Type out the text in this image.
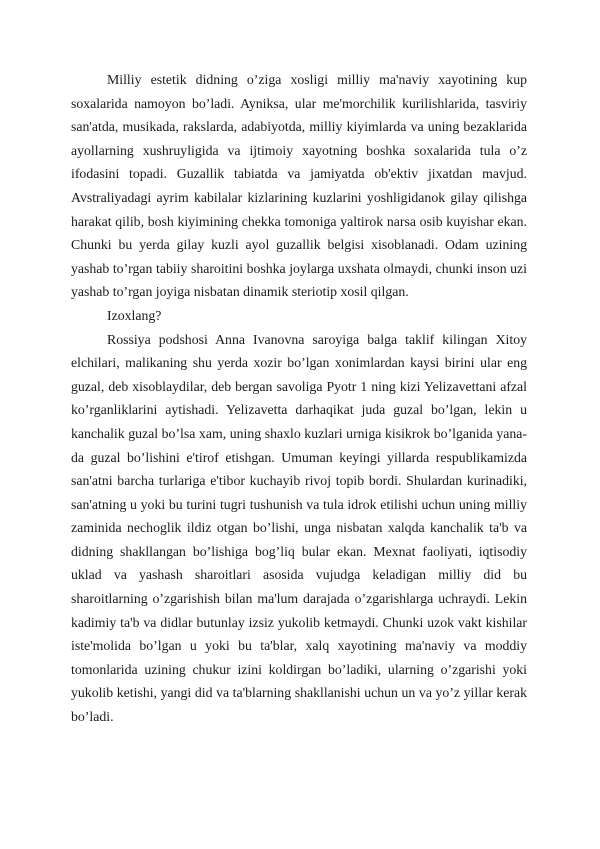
Milliy estetik didning o’ziga xosligi milliy ma'naviy xayotining kup soxalarida namoyon bo’ladi. Ayniksa, ular me'morchilik kurilishlarida, tasviriy san'atda, musikada, rakslarda, adabiyotda, milliy kiyimlarda va uning bezaklarida ayollarning xushruyligida va ijtimoiy xayotning boshka soxalarida tula o’z ifodasini topadi. Guzallik tabiatda va jamiyatda ob'ektiv jixatdan mavjud. Avstraliyadagi ayrim kabilalar kizlarining kuzlarini yoshligidanok gilay qilishga harakat qilib, bosh kiyimining chekka tomoniga yaltirok narsa osib kuyishar ekan. Chunki bu yerda gilay kuzli ayol guzallik belgisi xisoblanadi. Odam uzining yashab to’rgan tabiiy sharoitini boshka joylarga uxshata olmaydi, chunki inson uzi yashab to’rgan joyiga nisbatan dinamik steriotip xosil qilgan.

Izoxlang?

Rossiya podshosi Anna Ivanovna saroyiga balga taklif kilingan Xitoy elchilari, malikaning shu yerda xozir bo’lgan xonimlardan kaysi birini ular eng guzal, deb xisoblaydilar, deb bergan savoliga Pyotr 1 ning kizi Yelizavettani afzal ko’rganliklarini aytishadi. Yelizavetta darhaqikat juda guzal bo’lgan, lekin u kanchalik guzal bo’lsa xam, uning shaxlo kuzlari urniga kisikrok bo’lganida yana-da guzal bo’lishini e'tirof etishgan. Umuman keyingi yillarda respublikamizda san'atni barcha turlariga e'tibor kuchayib rivoj topib bordi. Shulardan kurinadiki, san'atning u yoki bu turini tugri tushunish va tula idrok etilishi uchun uning milliy zaminida nechoglik ildiz otgan bo’lishi, unga nisbatan xalqda kanchalik ta'b va didning shakllangan bo’lishiga bog’liq bular ekan. Mexnat faoliyati, iqtisodiy uklad va yashash sharoitlari asosida vujudga keladigan milliy did bu sharoitlarning o’zgarishish bilan ma'lum darajada o’zgarishlarga uchraydi. Lekin kadimiy ta'b va didlar butunlay izsiz yukolib ketmaydi. Chunki uzok vakt kishilar iste'molida bo’lgan u yoki bu ta'blar, xalq xayotining ma'naviy va moddiy tomonlarida uzining chukur izini koldirgan bo’ladiki, ularning o’zgarishi yoki yukolib ketishi, yangi did va ta'blarning shakllanishi uchun un va yo’z yillar kerak bo’ladi.
